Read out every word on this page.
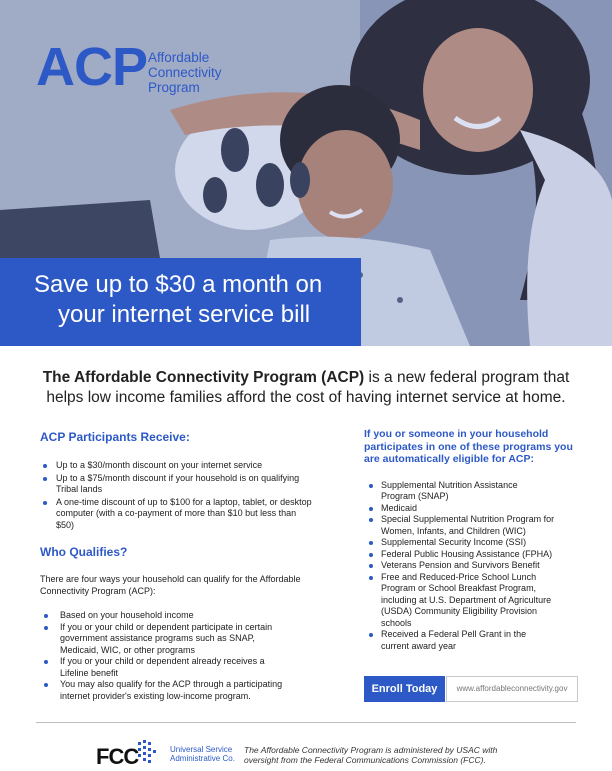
ACP Affordable
Connectivity
Program
Save up to $30 a month on
your internet service bill
The Affordable Connectivity Program (ACP) is a new federal program that
helps low income families afford the cost of having internet service at home.
ACP Participants Receive:
Up to a $30/month discount on your internet service
Up to a $75/month discount if your household is on qualifying Tribal lands
A one-time discount of up to $100 for a laptop, tablet, or desktop computer (with a co-payment of more than $10 but less than $50)
Who Qualifies?

There are four ways your household can qualify for the Affordable Connectivity Program (ACP):

Based on your household income
If you or your child or dependent participate in certain government assistance programs such as SNAP, Medicaid, WIC, or other programs
If you or your child or dependent already receives a Lifeline benefit
You may also qualify for the ACP through a participating internet provider's existing low-income program.
If you or someone in your household participates in one of these programs you are automatically eligible for ACP:
Supplemental Nutrition Assistance Program (SNAP)
Medicaid
Special Supplemental Nutrition Program for Women, Infants, and Children (WIC)
Supplemental Security Income (SSI)
Federal Public Housing Assistance (FPHA)
Veterans Pension and Survivors Benefit
Free and Reduced-Price School Lunch Program or School Breakfast Program, including at U.S. Department of Agriculture (USDA) Community Eligibility Provision schools
Received a Federal Pell Grant in the current award year
Enroll Today	www.affordableconnectivity.gov
FCC	Universal Service
Administrative Co.
The Affordable Connectivity Program is administered by USAC with oversight from the Federal Communications Commission (FCC).
